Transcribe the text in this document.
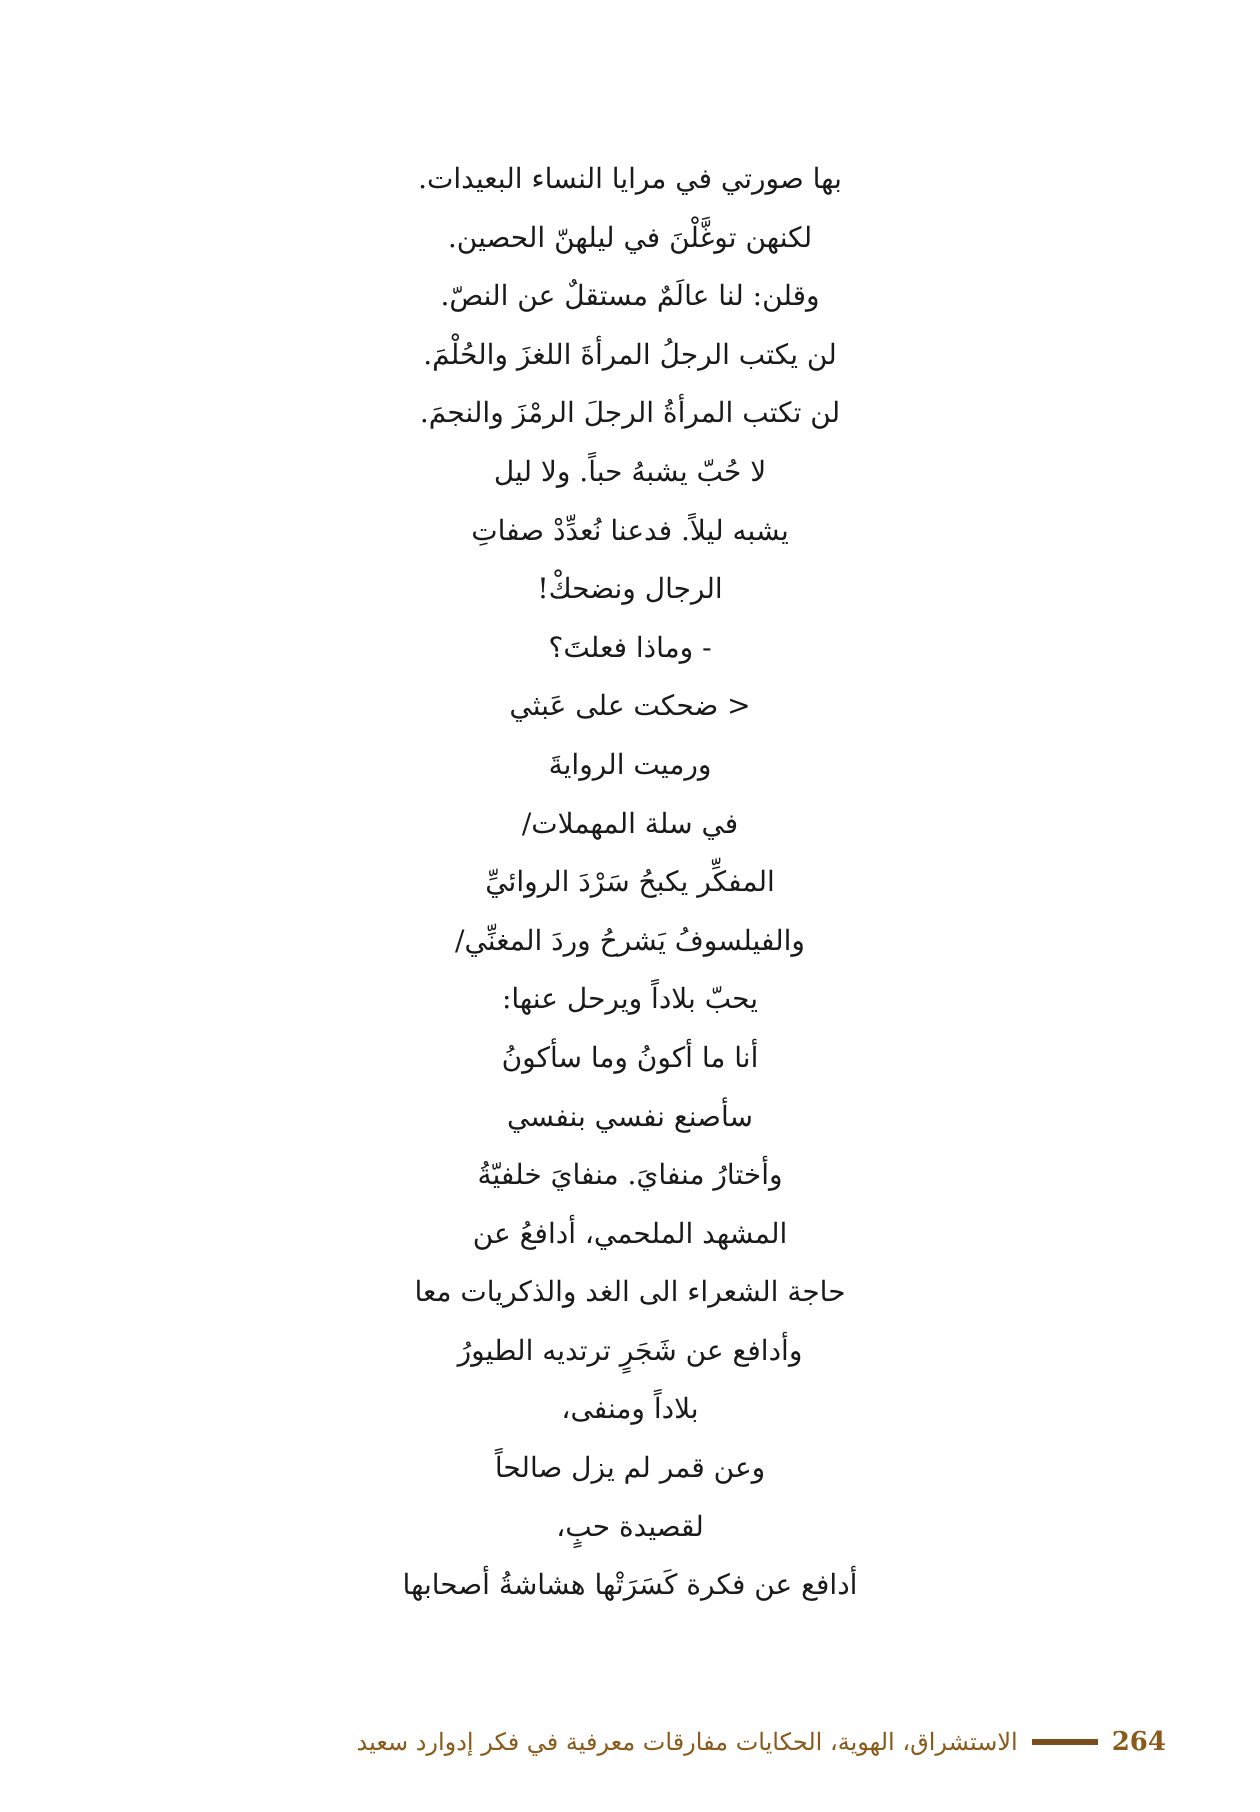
بها صورتي في مرايا النساء البعيدات.
لكنهن توغَّلْنَ في ليلهنّ الحصين.
وقلن: لنا عالَمٌ مستقلٌ عن النصّ.
لن يكتب الرجلُ المرأةَ اللغزَ والحُلْمَ.
لن تكتب المرأةُ الرجلَ الرمْزَ والنجمَ.
لا حُبّ يشبهُ حباً. ولا ليل
يشبه ليلاً. فدعنا نُعدِّدْ صفاتِ
الرجال ونضحكْ!
- وماذا فعلتَ؟
< ضحكت على عَبثي
ورميت الروايةَ
في سلة المهملات/
المفكِّر يكبحُ سَرْدَ الروائيِّ
والفيلسوفُ يَشرحُ وردَ المغنِّي/
يحبّ بلاداً ويرحل عنها:
أنا ما أكونُ وما سأكونُ
سأصنع نفسي بنفسي
وأختارُ منفايَ. منفايَ خلفيّةُ
المشهد الملحمي، أدافعُ عن
حاجة الشعراء الى الغد والذكريات معا
وأدافع عن شَجَرٍ ترتديه الطيورُ
بلاداً ومنفى،
وعن قمر لم يزل صالحاً
لقصيدة حبٍ،
أدافع عن فكرة كَسَرَتْها هشاشةُ أصحابها
الاستشراق، الهوية، الحكايات مفارقات معرفية في فكر إدوارد سعيد	264
